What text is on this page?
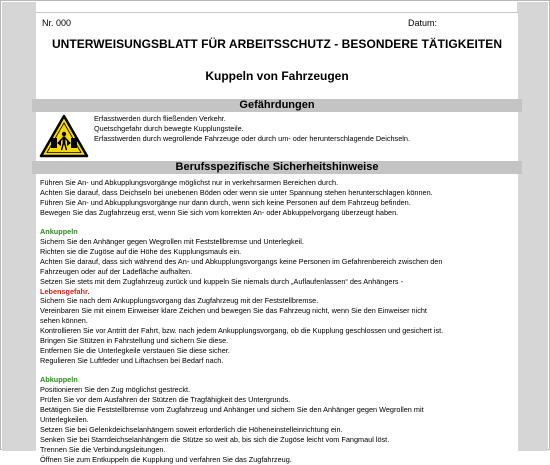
Nr. 000	Datum:
UNTERWEISUNGSBLATT FÜR ARBEITSSCHUTZ - BESONDERE TÄTIGKEITEN
Kuppeln von Fahrzeugen
Gefährdungen
Erfasstwerden durch fließenden Verkehr.
Quetschgefahr durch bewegte Kupplungsteile.
Erfasstwerden durch wegrollende Fahrzeuge oder durch um- oder herunterschlagende Deichseln.
Berufsspezifische Sicherheitshinweise
Führen Sie An- und Abkupplungsvorgänge möglichst nur in verkehrsarmen Bereichen durch.
Achten Sie darauf, dass Deichseln bei unebenen Böden oder wenn sie unter Spannung stehen herunterschlagen können.
Führen Sie An- und Abkupplungsvorgänge nur dann durch, wenn sich keine Personen auf dem Fahrzeug befinden.
Bewegen Sie das Zugfahrzeug erst, wenn Sie sich vom korrekten An- oder Abkuppelvorgang überzeugt haben.
Ankuppeln
Sichern Sie den Anhänger gegen Wegrollen mit Feststellbremse und Unterlegkeil.
Richten sie die Zugöse auf die Höhe des Kupplungsmauls ein.
Achten Sie darauf, dass sich während des An- und Abkupplungsvorgangs keine Personen im Gefahrenbereich zwischen den
Fahrzeugen oder auf der Ladefläche aufhalten.
Setzen Sie stets mit dem Zugfahrzeug zurück und kuppeln Sie niemals durch „Auflaufenlassen“ des Anhängers -
Lebensgefahr.
Sichern Sie nach dem Ankupplungsvorgang das Zugfahrzeug mit der Feststellbremse.
Vereinbaren Sie mit einem Einweiser klare Zeichen und bewegen Sie das Fahrzeug nicht, wenn Sie den Einweiser nicht
sehen können.
Kontrollieren Sie vor Antritt der Fahrt, bzw. nach jedem Ankupplungsvorgang, ob die Kupplung geschlossen und gesichert ist.
Bringen Sie Stützen in Fahrstellung und sichern Sie diese.
Entfernen Sie die Unterlegkeile verstauen Sie diese sicher.
Regulieren Sie Luftfeder und Liftachsen bei Bedarf nach.
Abkuppeln
Positionieren Sie den Zug möglichst gestreckt.
Prüfen Sie vor dem Ausfahren der Stützen die Tragfähigkeit des Untergrunds.
Betätigen Sie die Feststellbremse vom Zugfahrzeug und Anhänger und sichern Sie den Anhänger gegen Wegrollen mit
Unterlegkeilen.
Setzen Sie bei Gelenkdeichselanhängern soweit erforderlich die Höheneinstelleinrichtung ein.
Senken Sie bei Starrdeichselanhängern die Stütze so weit ab, bis sich die Zugöse leicht vom Fangmaul löst.
Trennen Sie die Verbindungsleitungen.
Öffnen Sie zum Entkuppeln die Kupplung und verfahren Sie das Zugfahrzeug.
